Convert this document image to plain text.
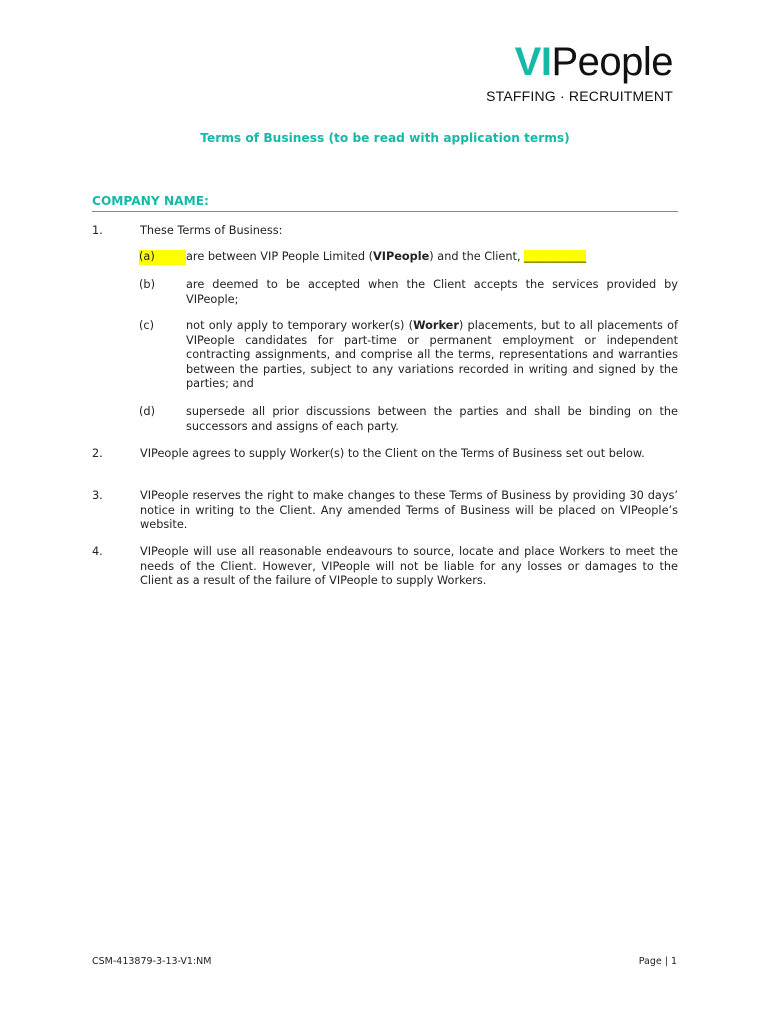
VIPeople
STAFFING · RECRUITMENT
Terms of Business (to be read with application terms)
COMPANY NAME:
1.	These Terms of Business:
(a)	are between VIP People Limited (VIPeople) and the Client, ___________
(b)	are deemed to be accepted when the Client accepts the services provided by VIPeople;
(c)	not only apply to temporary worker(s) (Worker) placements, but to all placements of VIPeople candidates for part-time or permanent employment or independent contracting assignments, and comprise all the terms, representations and warranties between the parties, subject to any variations recorded in writing and signed by the parties; and
(d)	supersede all prior discussions between the parties and shall be binding on the successors and assigns of each party.
2.	VIPeople agrees to supply Worker(s) to the Client on the Terms of Business set out below.
3.	VIPeople reserves the right to make changes to these Terms of Business by providing 30 days’ notice in writing to the Client. Any amended Terms of Business will be placed on VIPeople’s website.
4.	VIPeople will use all reasonable endeavours to source, locate and place Workers to meet the needs of the Client. However, VIPeople will not be liable for any losses or damages to the Client as a result of the failure of VIPeople to supply Workers.
CSM-413879-3-13-V1:NM	Page | 1
